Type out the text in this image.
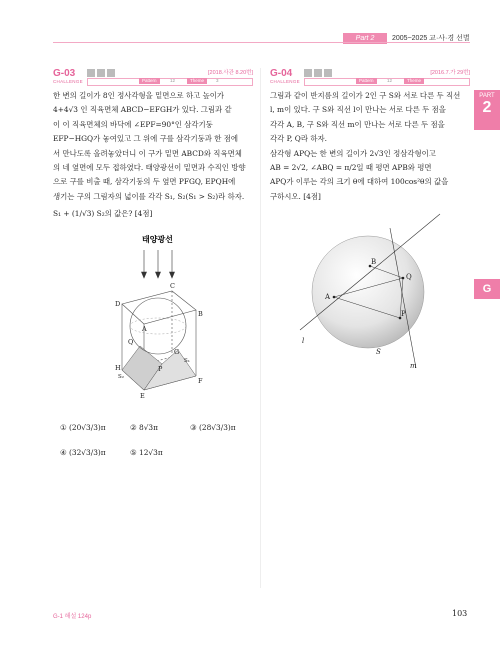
Part 2	2005~2025 교·사·경 선별
PART
2
G
G-03
CHALLENGE
[2018.사관 8.20번]
Pattern	12	Theme	3

한 변의 길이가 8인 정사각형을 밑면으로 하고 높이가

4+4√3 인 직육면체 ABCD−EFGH가 있다. 그림과 같

이 이 직육면체의 바닥에 ∠EPF=90°인 삼각기둥

EFP−HGQ가 놓여있고 그 위에 구를 삼각기둥과 한 점에

서 만나도록 올려놓았더니 이 구가 밑면 ABCD와 직육면체

의 네 옆면에 모두 접하였다. 태양광선이 밑면과 수직인 방향

으로 구를 비출 때, 삼각기둥의 두 옆면 PFGQ, EPQH에

생기는 구의 그림자의 넓이를 각각 S₁, S₂(S₁ > S₂)라 하자.

S₁ + (1/√3) S₂의 값은? [4점]

태양광선
D
C
A
B
Q
G
H	P
E
F
S₁
S₂
① (20√3/3)π	② 8√3π	③ (28√3/3)π
④ (32√3/3)π	⑤ 12√3π
G-04
CHALLENGE
[2016.7.가 29번]
Pattern	12	Theme

그림과 같이 반지름의 길이가 2인 구 S와 서로 다른 두 직선

l, m이 있다. 구 S와 직선 l이 만나는 서로 다른 두 점을

각각 A, B, 구 S와 직선 m이 만나는 서로 다른 두 점을

각각 P, Q라 하자.

삼각형 APQ는 한 변의 길이가 2√3인 정삼각형이고

AB = 2√2, ∠ABQ = π/2일 때 평면 APB와 평면

APQ가 이루는 각의 크기 θ에 대하여 100cos²θ의 값을

구하시오. [4점]

B
Q
A
P
l
S
m
G-1 해설 124p	103
